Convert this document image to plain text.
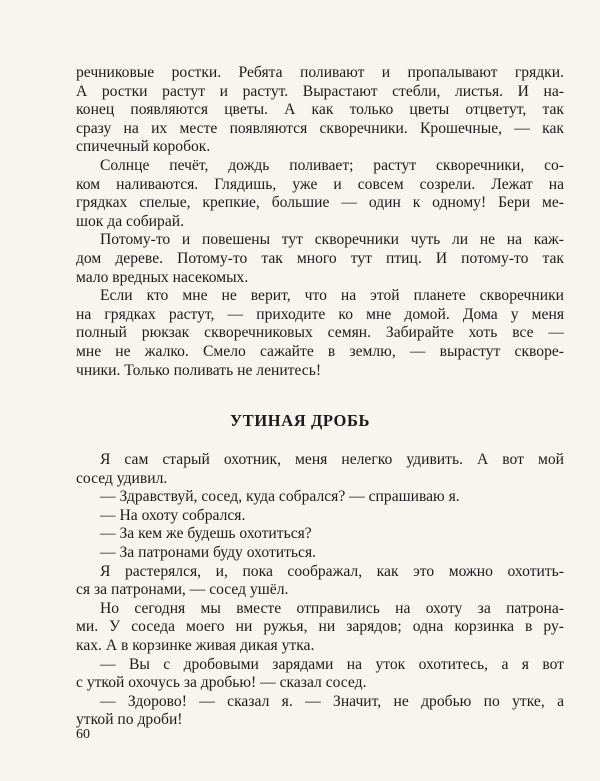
речниковые ростки. Ребята поливают и пропалывают грядки.
А ростки растут и растут. Вырастают стебли, листья. И на-
конец появляются цветы. А как только цветы отцветут, так
сразу на их месте появляются скворечники. Крошечные, — как
спичечный коробок.
Солнце печёт, дождь поливает; растут скворечники, со-
ком наливаются. Глядишь, уже и совсем созрели. Лежат на
грядках спелые, крепкие, большие — один к одному! Бери ме-
шок да собирай.
Потому-то и повешены тут скворечники чуть ли не на каж-
дом дереве. Потому-то так много тут птиц. И потому-то так
мало вредных насекомых.
Если кто мне не верит, что на этой планете скворечники
на грядках растут, — приходите ко мне домой. Дома у меня
полный рюкзак скворечниковых семян. Забирайте хоть все —
мне не жалко. Смело сажайте в землю, — вырастут скворе-
чники. Только поливать не ленитесь!
УТИНАЯ ДРОБЬ
Я сам старый охотник, меня нелегко удивить. А вот мой
сосед удивил.
— Здравствуй, сосед, куда собрался? — спрашиваю я.
— На охоту собрался.
— За кем же будешь охотиться?
— За патронами буду охотиться.
Я растерялся, и, пока соображал, как это можно охотить-
ся за патронами, — сосед ушёл.
Но сегодня мы вместе отправились на охоту за патрона-
ми. У соседа моего ни ружья, ни зарядов; одна корзинка в ру-
ках. А в корзинке живая дикая утка.
— Вы с дробовыми зарядами на уток охотитесь, а я вот
с уткой охочусь за дробью! — сказал сосед.
— Здорово! — сказал я. — Значит, не дробью по утке, а
уткой по дроби!
60
